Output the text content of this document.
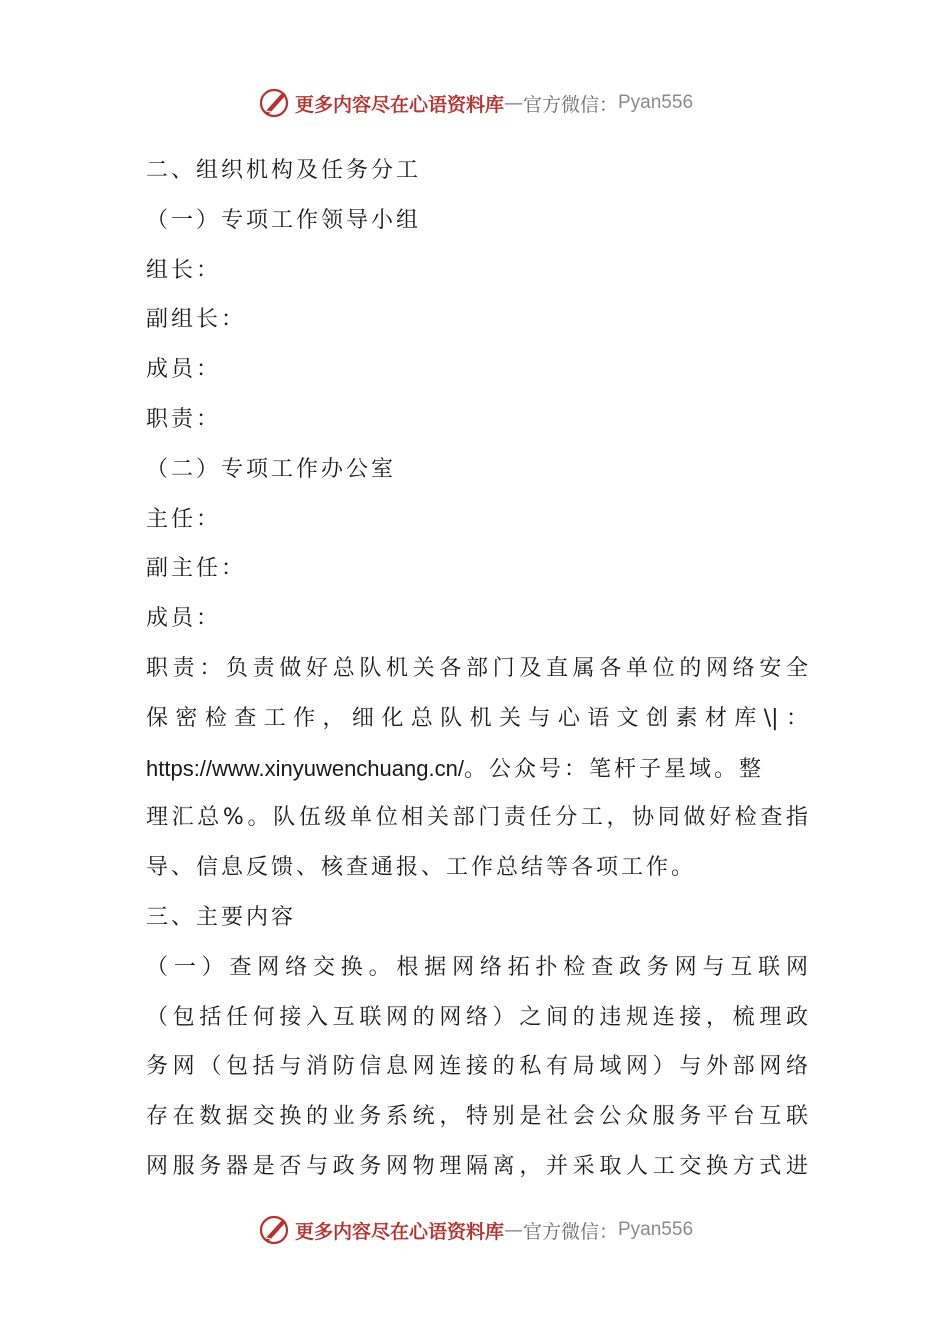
更多内容尽在心语资料库 — 官方微信： Pyan556
二、组织机构及任务分工
（一）专项工作领导小组
组长：
副组长：
成员：
职责：
（二）专项工作办公室
主任：
副主任：
成员：
职责：负责做好总队机关各部门及直属各单位的网络安全
保密检查工作，细化总队机关与心语文创素材库\|：
https://www.xinyuwenchuang.cn/。公众号：笔杆子星域。整
理汇总%。队伍级单位相关部门责任分工，协同做好检查指
导、信息反馈、核查通报、工作总结等各项工作。
三、主要内容
（一）查网络交换。根据网络拓扑检查政务网与互联网
（包括任何接入互联网的网络）之间的违规连接，梳理政
务网（包括与消防信息网连接的私有局域网）与外部网络
存在数据交换的业务系统，特别是社会公众服务平台互联
网服务器是否与政务网物理隔离，并采取人工交换方式进
更多内容尽在心语资料库 — 官方微信： Pyan556
